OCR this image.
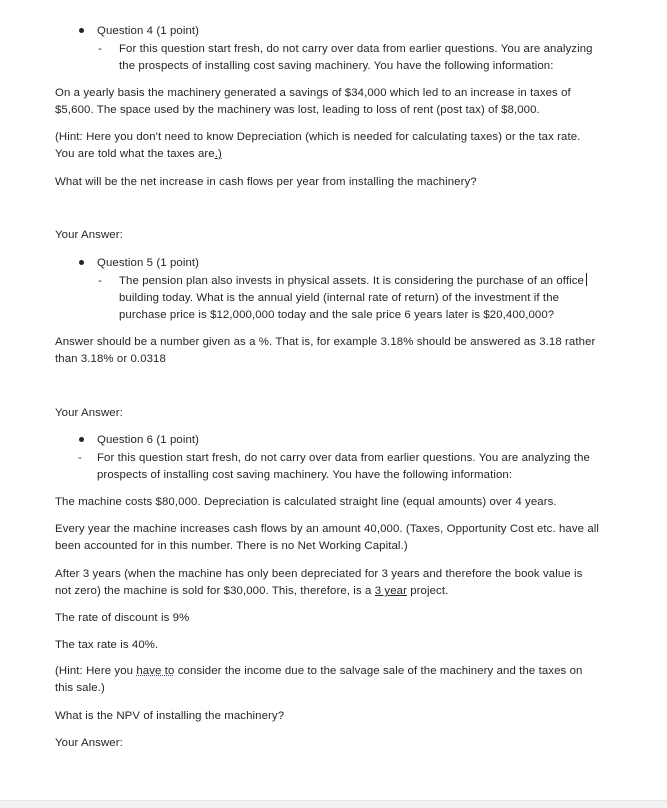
Question 4 (1 point)
- For this question start fresh, do not carry over data from earlier questions. You are analyzing
the prospects of installing cost saving machinery. You have the following information:
On a yearly basis the machinery generated a savings of $34,000 which led to an increase in taxes of
$5,600. The space used by the machinery was lost, leading to loss of rent (post tax) of $8,000.
(Hint: Here you don't need to know Depreciation (which is needed for calculating taxes) or the tax rate.
You are told what the taxes are.)
What will be the net increase in cash flows per year from installing the machinery?
Your Answer:
Question 5 (1 point)
- The pension plan also invests in physical assets. It is considering the purchase of an office
building today. What is the annual yield (internal rate of return) of the investment if the
purchase price is $12,000,000 today and the sale price 6 years later is $20,400,000?
Answer should be a number given as a %. That is, for example 3.18% should be answered as 3.18 rather
than 3.18% or 0.0318
Your Answer:
Question 6 (1 point)
- For this question start fresh, do not carry over data from earlier questions. You are analyzing the
prospects of installing cost saving machinery. You have the following information:
The machine costs $80,000. Depreciation is calculated straight line (equal amounts) over 4 years.
Every year the machine increases cash flows by an amount 40,000. (Taxes, Opportunity Cost etc. have all
been accounted for in this number. There is no Net Working Capital.)
After 3 years (when the machine has only been depreciated for 3 years and therefore the book value is
not zero) the machine is sold for $30,000. This, therefore, is a 3 year project.
The rate of discount is 9%
The tax rate is 40%.
(Hint: Here you have to consider the income due to the salvage sale of the machinery and the taxes on
this sale.)
What is the NPV of installing the machinery?
Your Answer:
